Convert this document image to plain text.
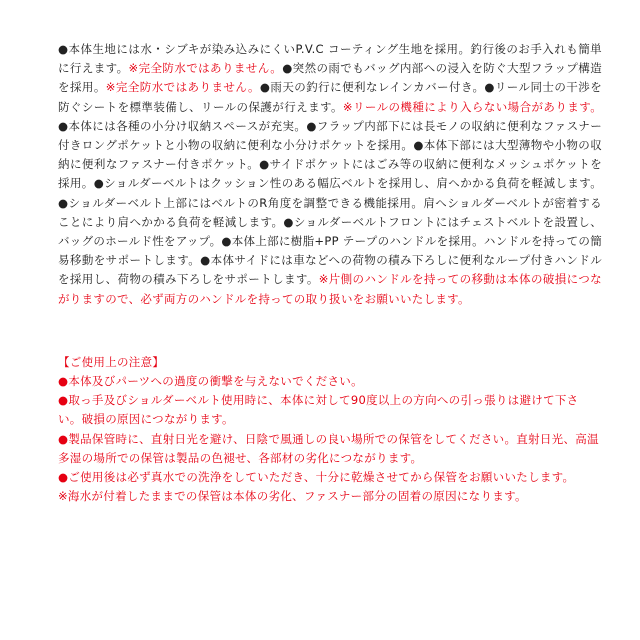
●本体生地には水・シブキが染み込みにくいP.V.C コーティング生地を採用。釣行後のお手入れも簡単に行えます。※完全防水ではありません。●突然の雨でもバッグ内部への浸入を防ぐ大型フラップ構造を採用。※完全防水ではありません。●雨天の釣行に便利なレインカバー付き。●リール同士の干渉を防ぐシートを標準装備し、リールの保護が行えます。※リールの機種により入らない場合があります。●本体には各種の小分け収納スペースが充実。●フラップ内部下には長モノの収納に便利なファスナー付きロングポケットと小物の収納に便利な小分けポケットを採用。●本体下部には大型薄物や小物の収納に便利なファスナー付きポケット。●サイドポケットにはごみ等の収納に便利なメッシュポケットを採用。●ショルダーベルトはクッション性のある幅広ベルトを採用し、肩へかかる負荷を軽減します。●ショルダーベルト上部にはベルトのR角度を調整できる機能採用。肩へショルダーベルトが密着することにより肩へかかる負荷を軽減します。●ショルダーベルトフロントにはチェストベルトを設置し、バッグのホールド性をアップ。●本体上部に樹脂+PP テープのハンドルを採用。ハンドルを持っての簡易移動をサポートします。●本体サイドには車などへの荷物の積み下ろしに便利なループ付きハンドルを採用し、荷物の積み下ろしをサポートします。※片側のハンドルを持っての移動は本体の破損につながりますので、必ず両方のハンドルを持っての取り扱いをお願いいたします。

【ご使用上の注意】
●本体及びパーツへの過度の衝撃を与えないでください。
●取っ手及びショルダーベルト使用時に、本体に対して90度以上の方向への引っ張りは避けて下さい。破損の原因につながります。
●製品保管時に、直射日光を避け、日陰で風通しの良い場所での保管をしてください。直射日光、高温多湿の場所での保管は製品の色褪せ、各部材の劣化につながります。
●ご使用後は必ず真水での洗浄をしていただき、十分に乾燥させてから保管をお願いいたします。
※海水が付着したままでの保管は本体の劣化、ファスナー部分の固着の原因になります。
